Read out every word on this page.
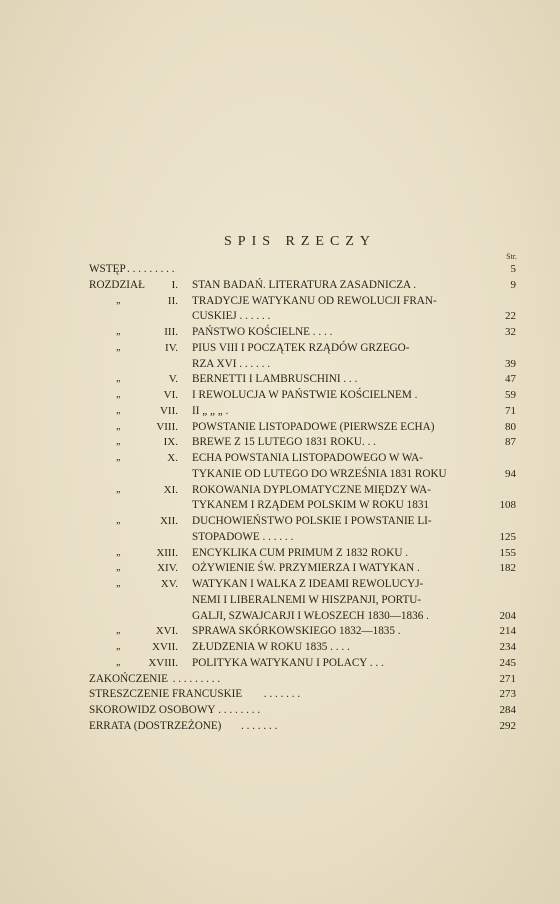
SPIS RZECZY
Str.
WSTĘP . . . . . . . . .	5
ROZDZIAŁ	I. STAN BADAŃ. LITERATURA ZASADNICZA .	9
„	II. TRADYCJE WATYKANU OD REWOLUCJI FRAN-
CUSKIEJ . . . . . .	22
„	III. PAŃSTWO KOŚCIELNE . . . .	32
„	IV. PIUS VIII I POCZĄTEK RZĄDÓW GRZEGO-
RZA XVI . . . . . .	39
„	V. BERNETTI I LAMBRUSCHINI . . .	47
„	VI. I REWOLUCJA W PAŃSTWIE KOŚCIELNEM .	59
„	VII. II „ „ „ .	71
„	VIII. POWSTANIE LISTOPADOWE (PIERWSZE ECHA)	80
„	IX. BREWE Z 15 LUTEGO 1831 ROKU. . .	87
„	X. ECHA POWSTANIA LISTOPADOWEGO W WA-
TYKANIE OD LUTEGO DO WRZEŚNIA 1831 ROKU	94
„	XI. ROKOWANIA DYPLOMATYCZNE MIĘDZY WA-
TYKANEM I RZĄDEM POLSKIM W ROKU 1831	108
„	XII. DUCHOWIEŃSTWO POLSKIE I POWSTANIE LI-
STOPADOWE . . . . . .	125
„	XIII. ENCYKLIKA CUM PRIMUM Z 1832 ROKU .	155
„	XIV. OŻYWIENIE ŚW. PRZYMIERZA I WATYKAN .	182
„	XV. WATYKAN I WALKA Z IDEAMI REWOLUCYJ-
NEMI I LIBERALNEMI W HISZPANJI, PORTU-
GALJI, SZWAJCARJI I WŁOSZECH 1830—1836 .	204
„	XVI. SPRAWA SKÓRKOWSKIEGO 1832—1835 .	214
„	XVII. ZŁUDZENIA W ROKU 1835 . . . .	234
„	XVIII. POLITYKA WATYKANU I POLACY . . .	245
ZAKOŃCZENIE . . . . . . . . .	271
STRESZCZENIE FRANCUSKIE . . . . . . .	273
SKOROWIDZ OSOBOWY . . . . . . . .	284
ERRATA (DOSTRZEŻONE) . . . . . . .	292
